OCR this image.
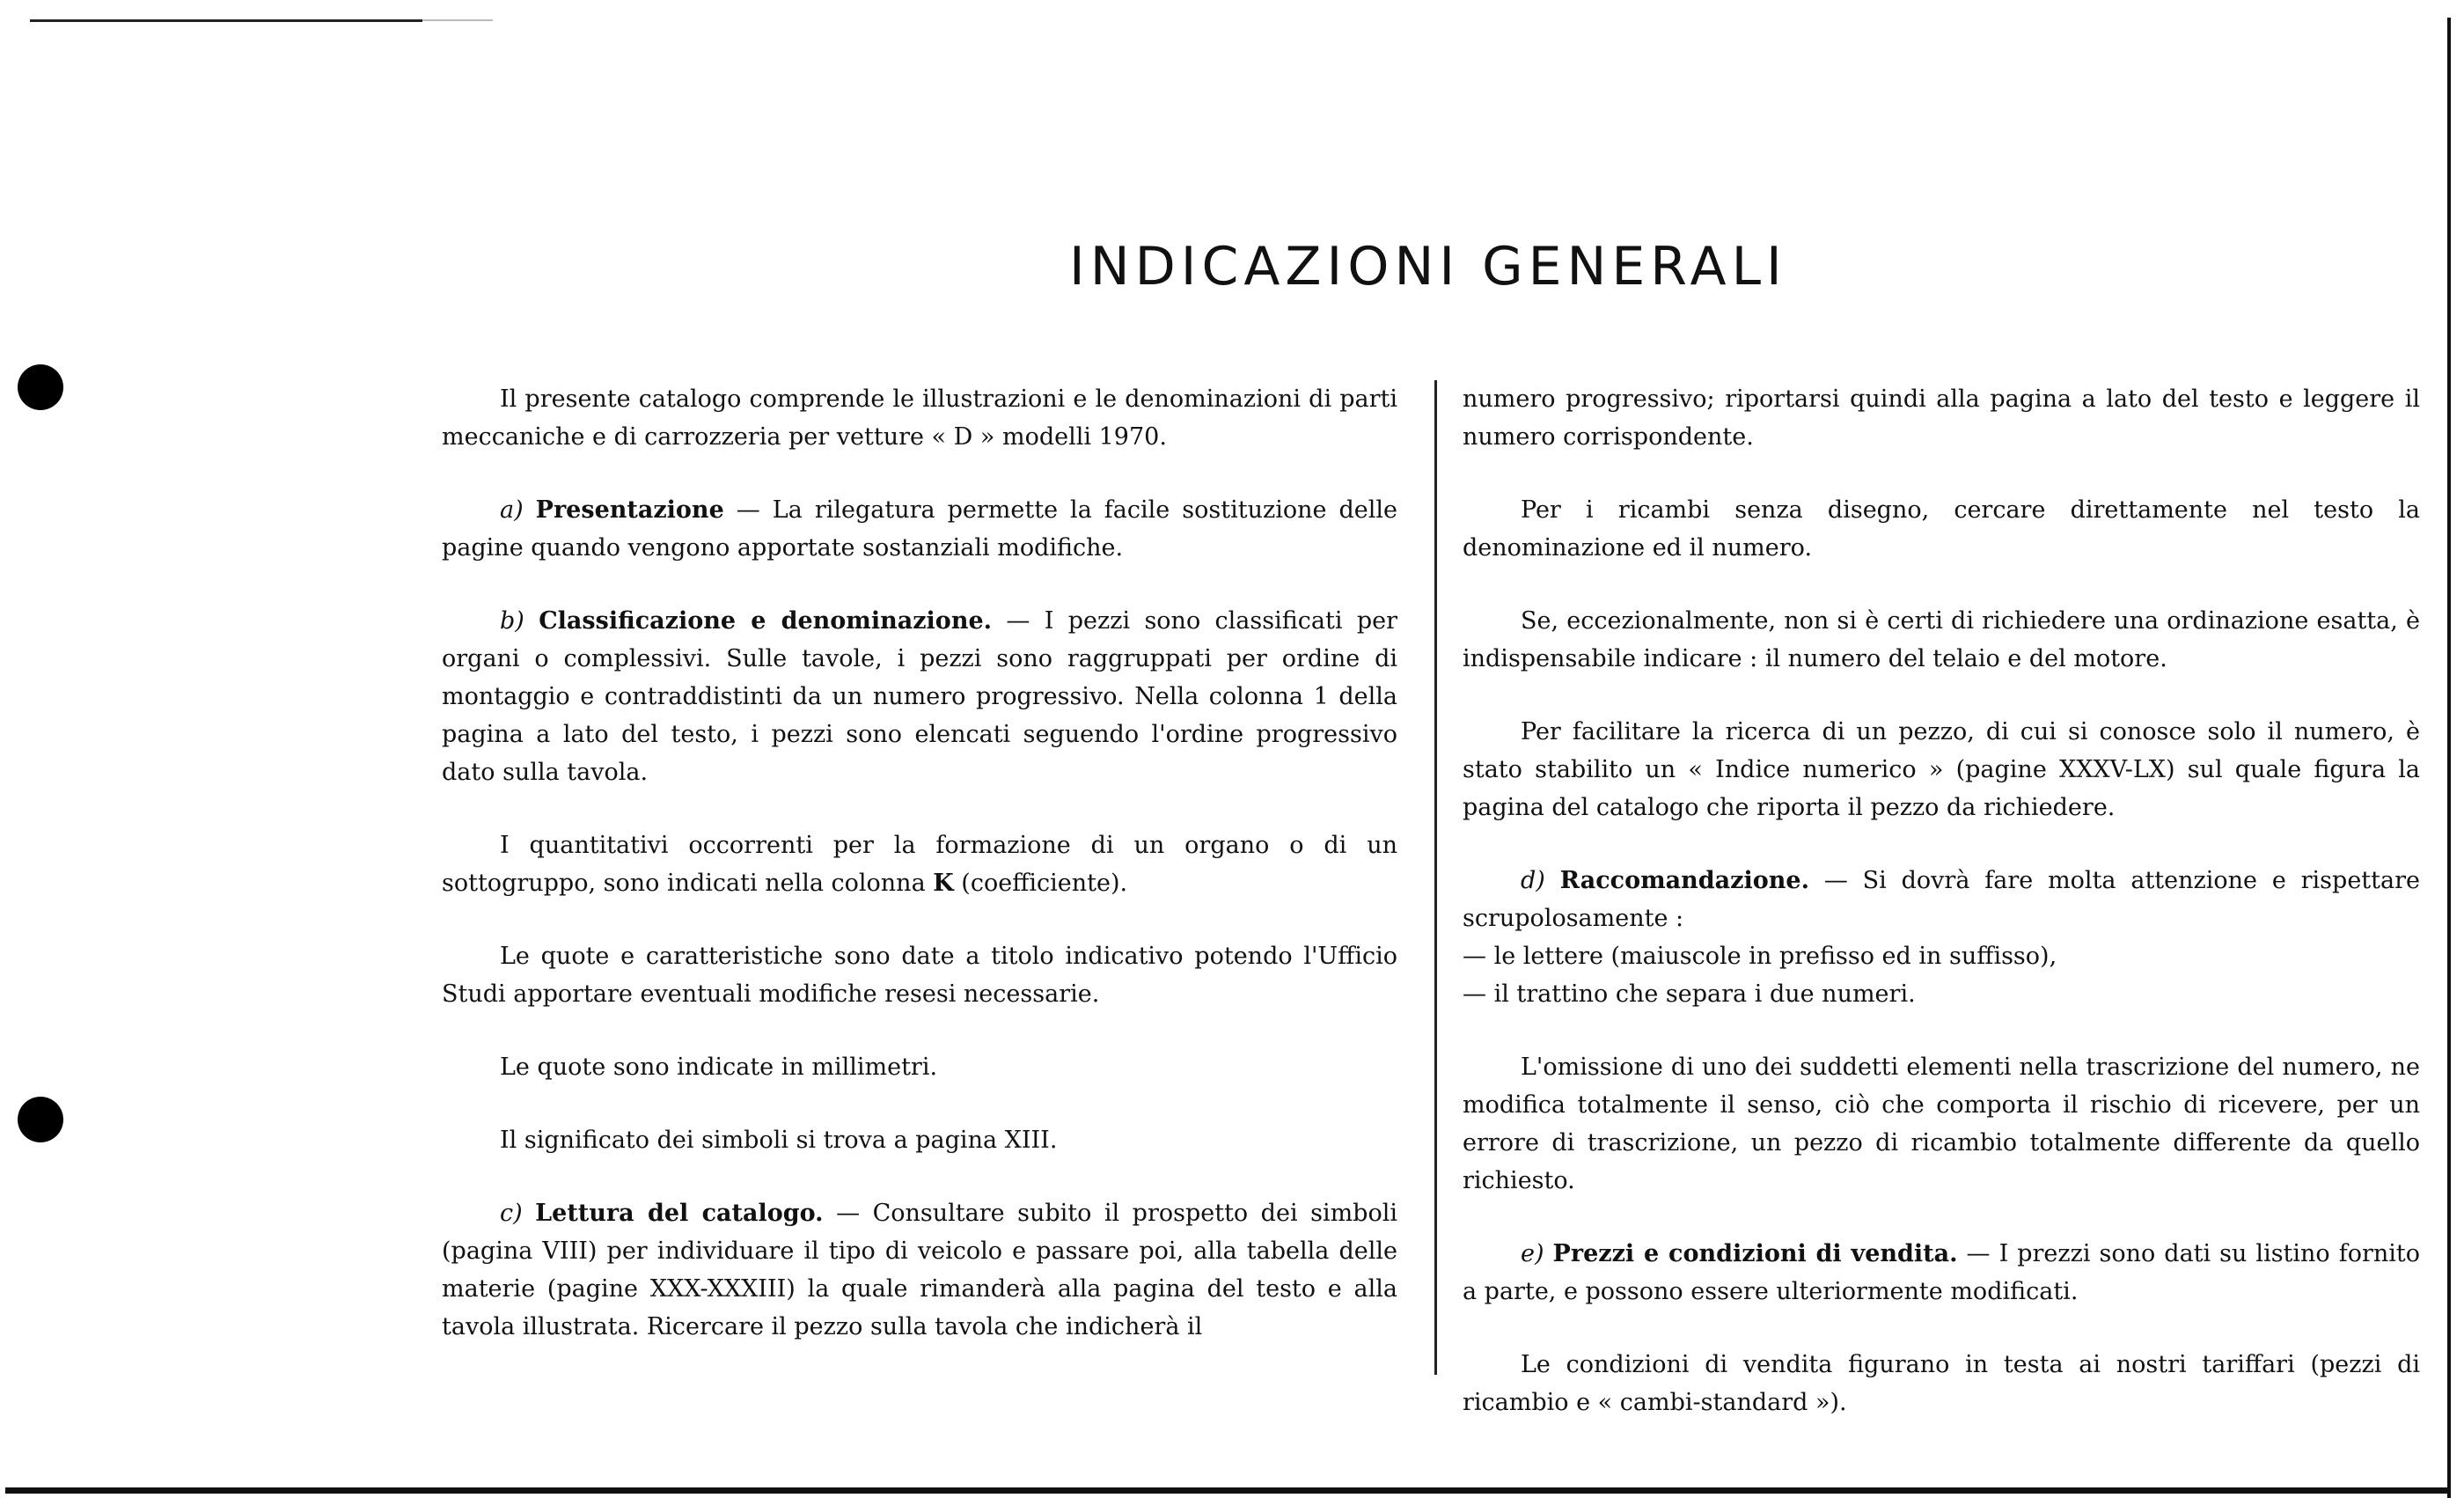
INDICAZIONI GENERALI

Il presente catalogo comprende le illustrazioni e le denominazioni di parti meccaniche e di carrozzeria per vetture « D » modelli 1970.

a) Presentazione — La rilegatura permette la facile sostituzione delle pagine quando vengono apportate sostanziali modifiche.

b) Classificazione e denominazione. — I pezzi sono classificati per organi o complessivi. Sulle tavole, i pezzi sono raggruppati per ordine di montaggio e contraddistinti da un numero progressivo. Nella colonna 1 della pagina a lato del testo, i pezzi sono elencati seguendo l'ordine progressivo dato sulla tavola.

I quantitativi occorrenti per la formazione di un organo o di un sottogruppo, sono indicati nella colonna K (coefficiente).

Le quote e caratteristiche sono date a titolo indicativo potendo l'Ufficio Studi apportare eventuali modifiche resesi necessarie.

Le quote sono indicate in millimetri.

Il significato dei simboli si trova a pagina XIII.

c) Lettura del catalogo. — Consultare subito il prospetto dei simboli (pagina VIII) per individuare il tipo di veicolo e passare poi, alla tabella delle materie (pagine XXX-XXXIII) la quale rimanderà alla pagina del testo e alla tavola illustrata. Ricercare il pezzo sulla tavola che indicherà il

numero progressivo; riportarsi quindi alla pagina a lato del testo e leggere il numero corrispondente.

Per i ricambi senza disegno, cercare direttamente nel testo la denominazione ed il numero.

Se, eccezionalmente, non si è certi di richiedere una ordinazione esatta, è indispensabile indicare : il numero del telaio e del motore.

Per facilitare la ricerca di un pezzo, di cui si conosce solo il numero, è stato stabilito un « Indice numerico » (pagine XXXV-LX) sul quale figura la pagina del catalogo che riporta il pezzo da richiedere.

d) Raccomandazione. — Si dovrà fare molta attenzione e rispettare scrupolosamente :

— le lettere (maiuscole in prefisso ed in suffisso),

— il trattino che separa i due numeri.

L'omissione di uno dei suddetti elementi nella trascrizione del numero, ne modifica totalmente il senso, ciò che comporta il rischio di ricevere, per un errore di trascrizione, un pezzo di ricambio totalmente differente da quello richiesto.

e) Prezzi e condizioni di vendita. — I prezzi sono dati su listino fornito a parte, e possono essere ulteriormente modificati.

Le condizioni di vendita figurano in testa ai nostri tariffari (pezzi di ricambio e « cambi-standard »).
